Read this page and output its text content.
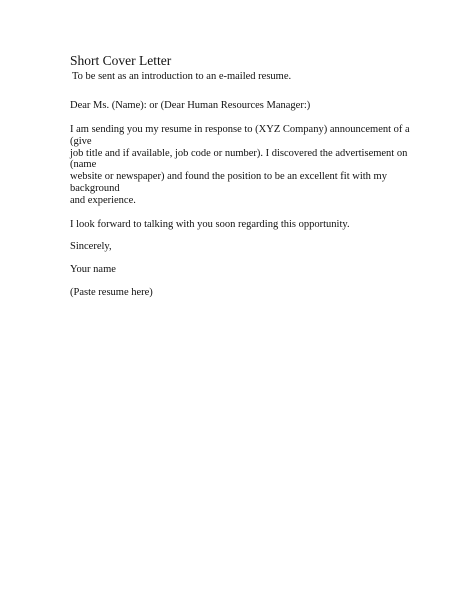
Short Cover Letter
To be sent as an introduction to an e-mailed resume.
Dear Ms. (Name): or (Dear Human Resources Manager:)
I am sending you my resume in response to (XYZ Company) announcement of a (give
job title and if available, job code or number). I discovered the advertisement on (name
website or newspaper) and found the position to be an excellent fit with my background
and experience.
I look forward to talking with you soon regarding this opportunity.
Sincerely,
Your name
(Paste resume here)
